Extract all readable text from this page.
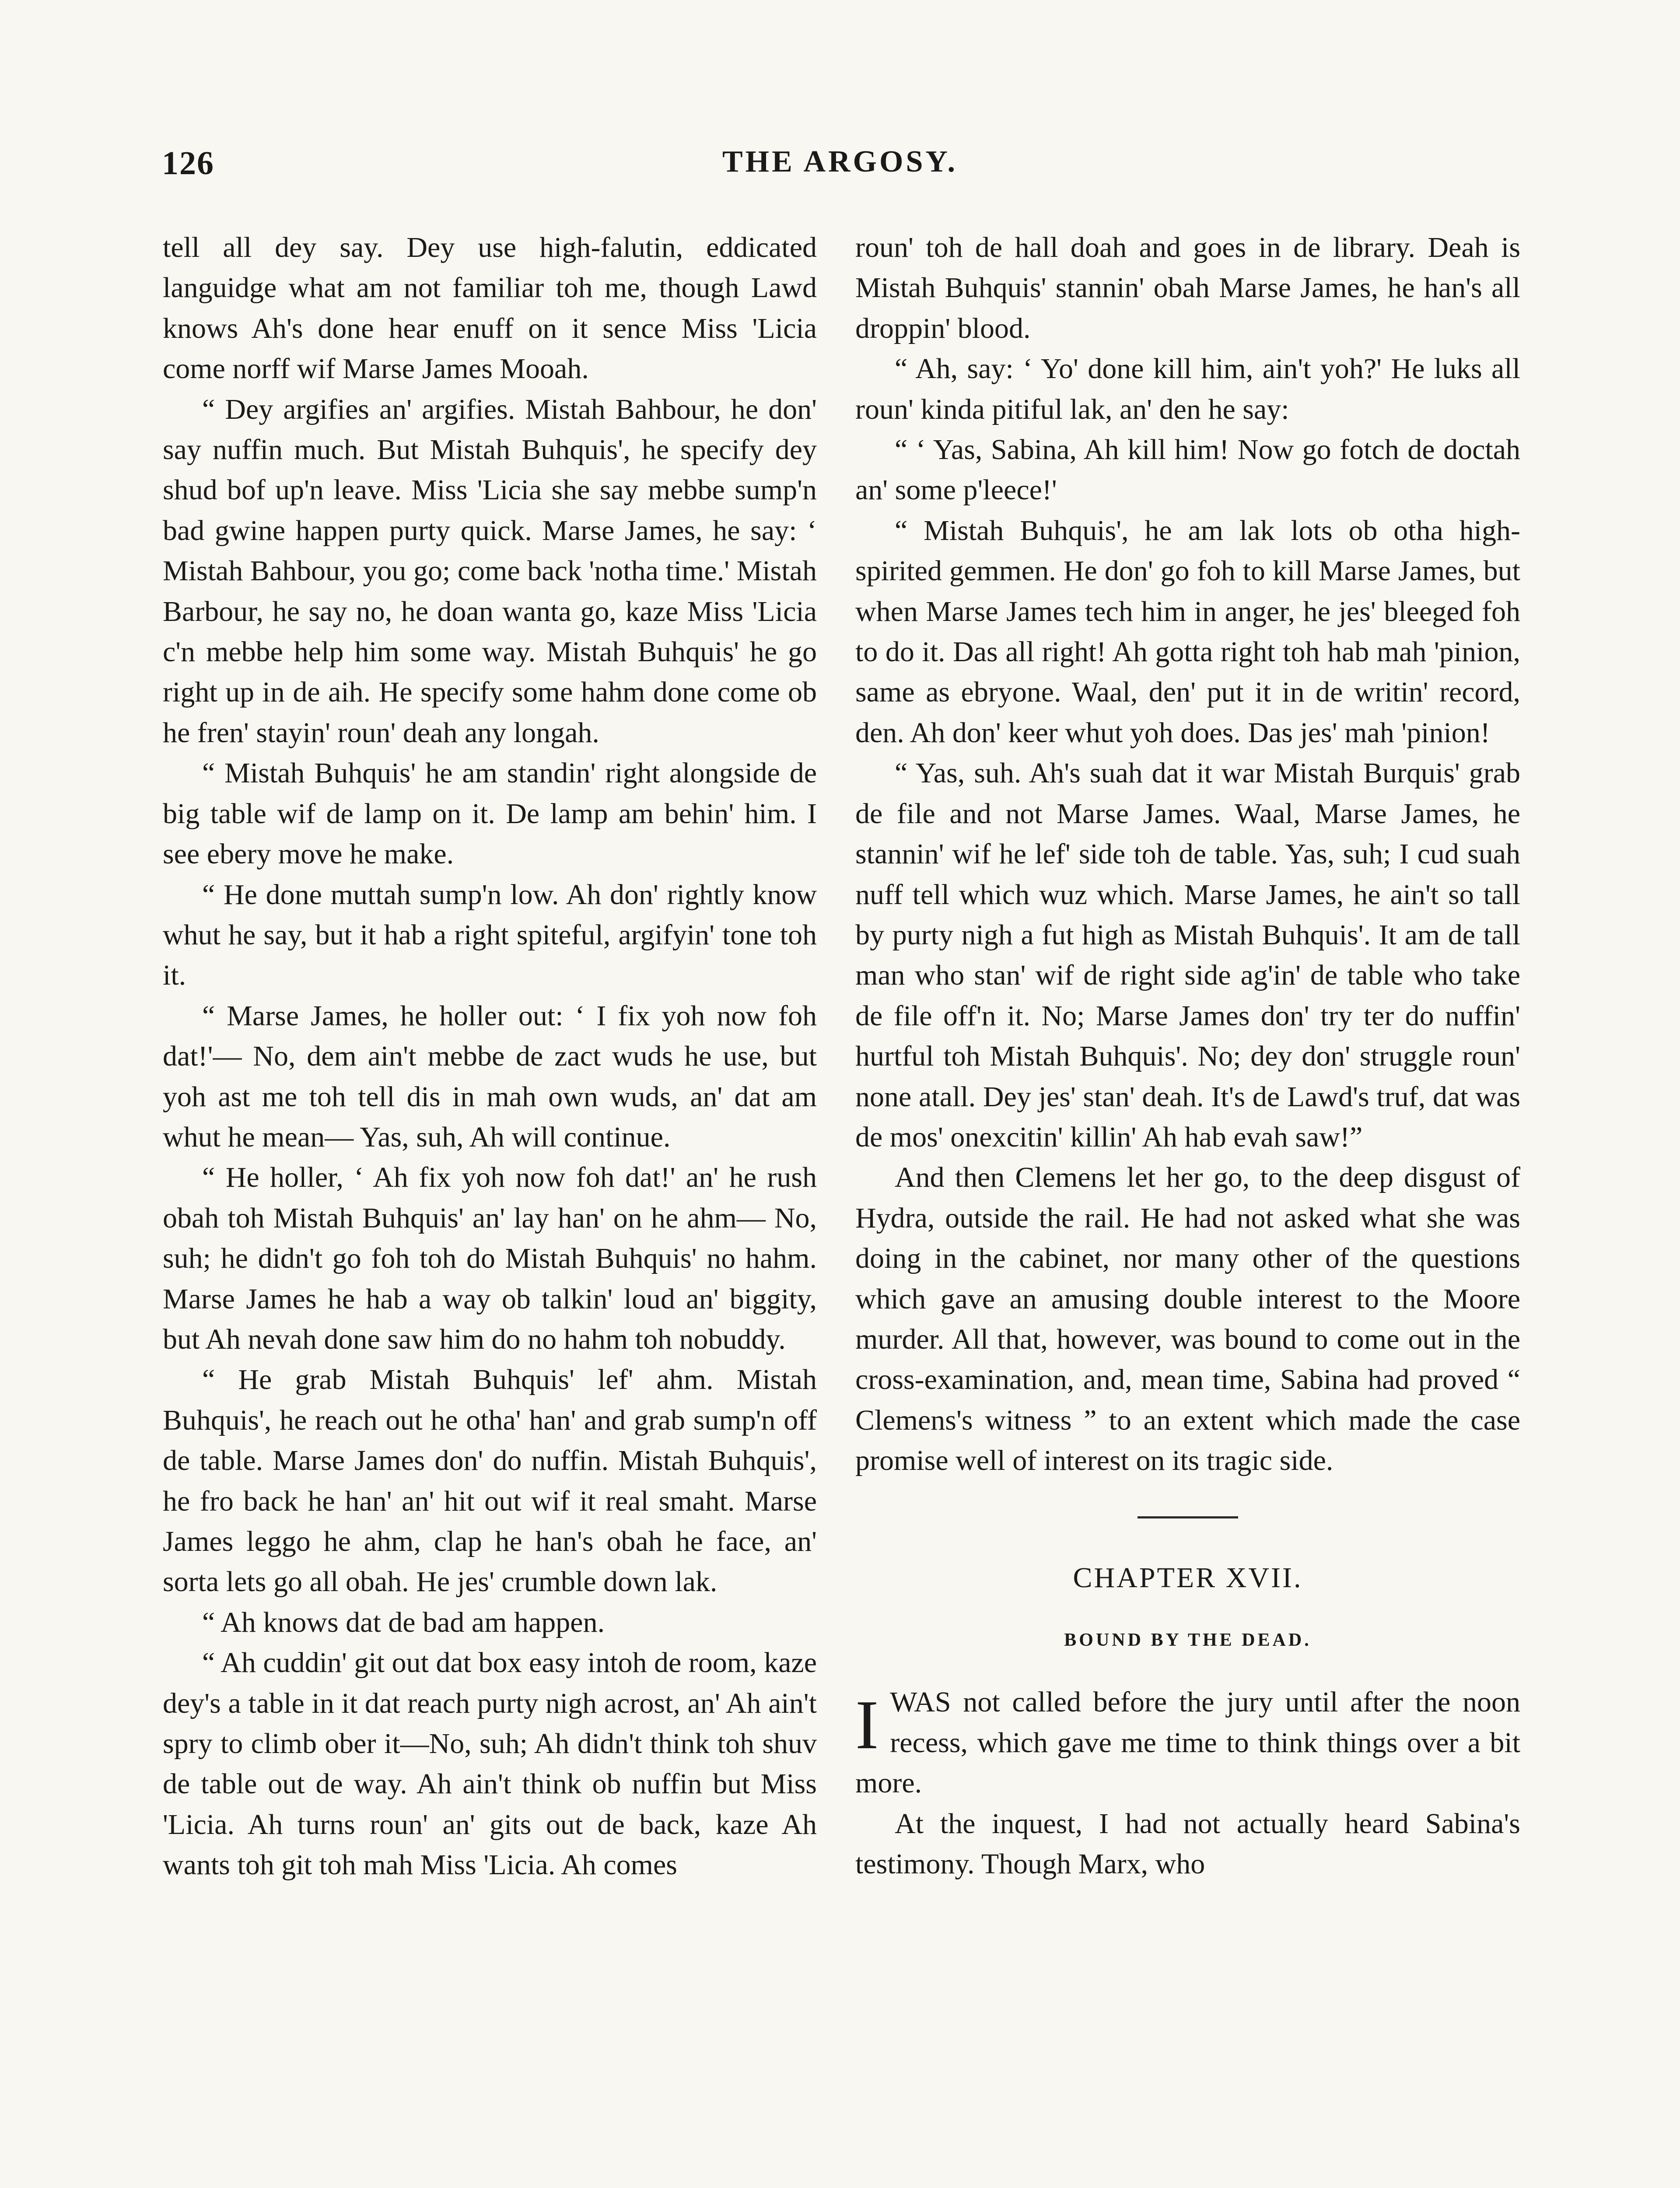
126	THE ARGOSY.

tell all dey say. Dey use high-falutin, eddicated languidge what am not familiar toh me, though Lawd knows Ah's done hear enuff on it sence Miss 'Licia come norff wif Marse James Mooah.

“ Dey argifies an' argifies. Mistah Bahbour, he don' say nuffin much. But Mistah Buhquis', he specify dey shud bof up'n leave. Miss 'Licia she say mebbe sump'n bad gwine happen purty quick. Marse James, he say: ‘ Mistah Bahbour, you go; come back 'notha time.' Mistah Barbour, he say no, he doan wanta go, kaze Miss 'Licia c'n mebbe help him some way. Mistah Buhquis' he go right up in de aih. He specify some hahm done come ob he fren' stayin' roun' deah any longah.

“ Mistah Buhquis' he am standin' right alongside de big table wif de lamp on it. De lamp am behin' him. I see ebery move he make.

“ He done muttah sump'n low. Ah don' rightly know whut he say, but it hab a right spiteful, argifyin' tone toh it.

“ Marse James, he holler out: ‘ I fix yoh now foh dat!'— No, dem ain't mebbe de zact wuds he use, but yoh ast me toh tell dis in mah own wuds, an' dat am whut he mean— Yas, suh, Ah will continue.

“ He holler, ‘ Ah fix yoh now foh dat!' an' he rush obah toh Mistah Buhquis' an' lay han' on he ahm— No, suh; he didn't go foh toh do Mistah Buhquis' no hahm. Marse James he hab a way ob talkin' loud an' biggity, but Ah nevah done saw him do no hahm toh nobuddy.

“ He grab Mistah Buhquis' lef' ahm. Mistah Buhquis', he reach out he otha' han' and grab sump'n off de table. Marse James don' do nuffin. Mistah Buhquis', he fro back he han' an' hit out wif it real smaht. Marse James leggo he ahm, clap he han's obah he face, an' sorta lets go all obah. He jes' crumble down lak.

“ Ah knows dat de bad am happen.

“ Ah cuddin' git out dat box easy intoh de room, kaze dey's a table in it dat reach purty nigh acrost, an' Ah ain't spry to climb ober it—No, suh; Ah didn't think toh shuv de table out de way. Ah ain't think ob nuffin but Miss 'Licia. Ah turns roun' an' gits out de back, kaze Ah wants toh git toh mah Miss 'Licia. Ah comes

roun' toh de hall doah and goes in de library. Deah is Mistah Buhquis' stannin' obah Marse James, he han's all droppin' blood.

“ Ah, say: ‘ Yo' done kill him, ain't yoh?' He luks all roun' kinda pitiful lak, an' den he say:

“ ‘ Yas, Sabina, Ah kill him! Now go fotch de doctah an' some p'leece!'

“ Mistah Buhquis', he am lak lots ob otha high-spirited gemmen. He don' go foh to kill Marse James, but when Marse James tech him in anger, he jes' bleeged foh to do it. Das all right! Ah gotta right toh hab mah 'pinion, same as ebryone. Waal, den' put it in de writin' record, den. Ah don' keer whut yoh does. Das jes' mah 'pinion!

“ Yas, suh. Ah's suah dat it war Mistah Burquis' grab de file and not Marse James. Waal, Marse James, he stannin' wif he lef' side toh de table. Yas, suh; I cud suah nuff tell which wuz which. Marse James, he ain't so tall by purty nigh a fut high as Mistah Buhquis'. It am de tall man who stan' wif de right side ag'in' de table who take de file off'n it. No; Marse James don' try ter do nuffin' hurtful toh Mistah Buhquis'. No; dey don' struggle roun' none atall. Dey jes' stan' deah. It's de Lawd's truf, dat was de mos' onexcitin' killin' Ah hab evah saw!”

And then Clemens let her go, to the deep disgust of Hydra, outside the rail. He had not asked what she was doing in the cabinet, nor many other of the questions which gave an amusing double interest to the Moore murder. All that, however, was bound to come out in the cross-examination, and, mean time, Sabina had proved “ Clemens's witness ” to an extent which made the case promise well of interest on its tragic side.

CHAPTER XVII.
BOUND BY THE DEAD.

IWAS not called before the jury until after the noon recess, which gave me time to think things over a bit more.

At the inquest, I had not actually heard Sabina's testimony. Though Marx, who
